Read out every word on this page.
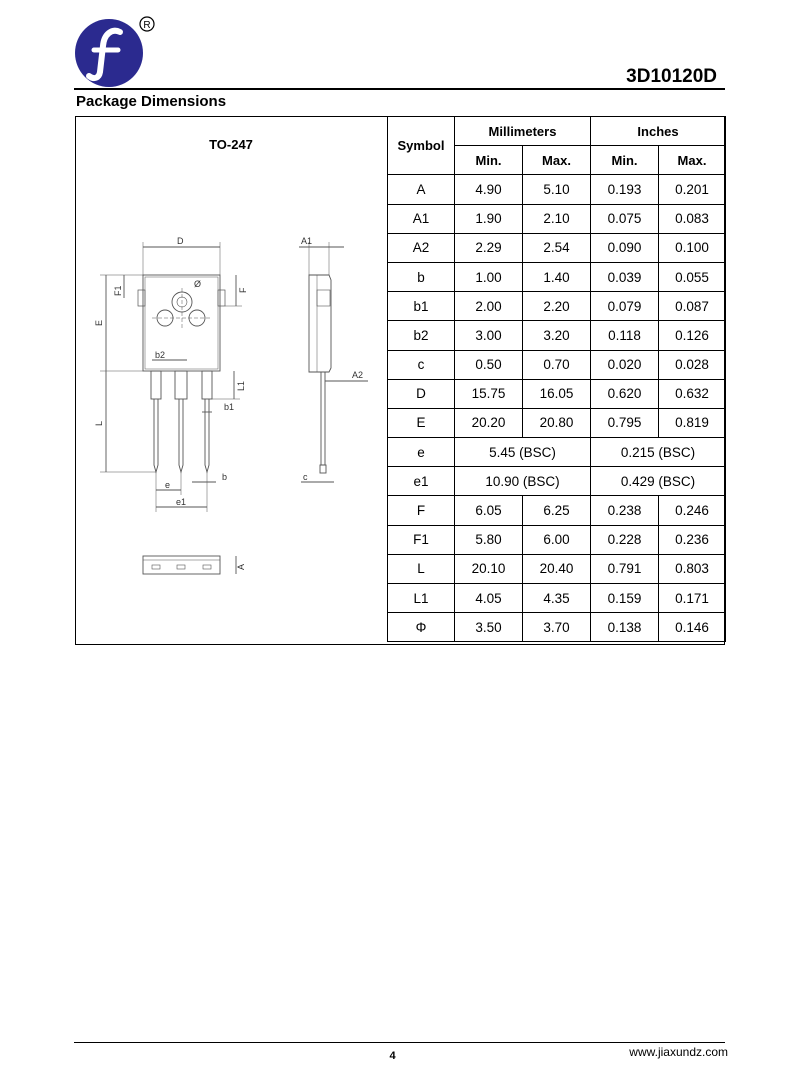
R
3D10120D
Package Dimensions
TO-247
D	A1
E
F1	F
Ø
b2
L1
A2
b1
L
e
b	c
e1
A
Symbol	Millimeters		Inches	
	Min.	Max.	Min.	Max.
A	4.90	5.10	0.193	0.201
A1	1.90	2.10	0.075	0.083
A2	2.29	2.54	0.090	0.100
b	1.00	1.40	0.039	0.055
b1	2.00	2.20	0.079	0.087
b2	3.00	3.20	0.118	0.126
c	0.50	0.70	0.020	0.028
D	15.75	16.05	0.620	0.632
E	20.20	20.80	0.795	0.819
e	5.45 (BSC)		0.215 (BSC)	
e1	10.90 (BSC)		0.429 (BSC)	
F	6.05	6.25	0.238	0.246
F1	5.80	6.00	0.228	0.236
L	20.10	20.40	0.791	0.803
L1	4.05	4.35	0.159	0.171
Φ	3.50	3.70	0.138	0.146
4	www.jiaxundz.com
